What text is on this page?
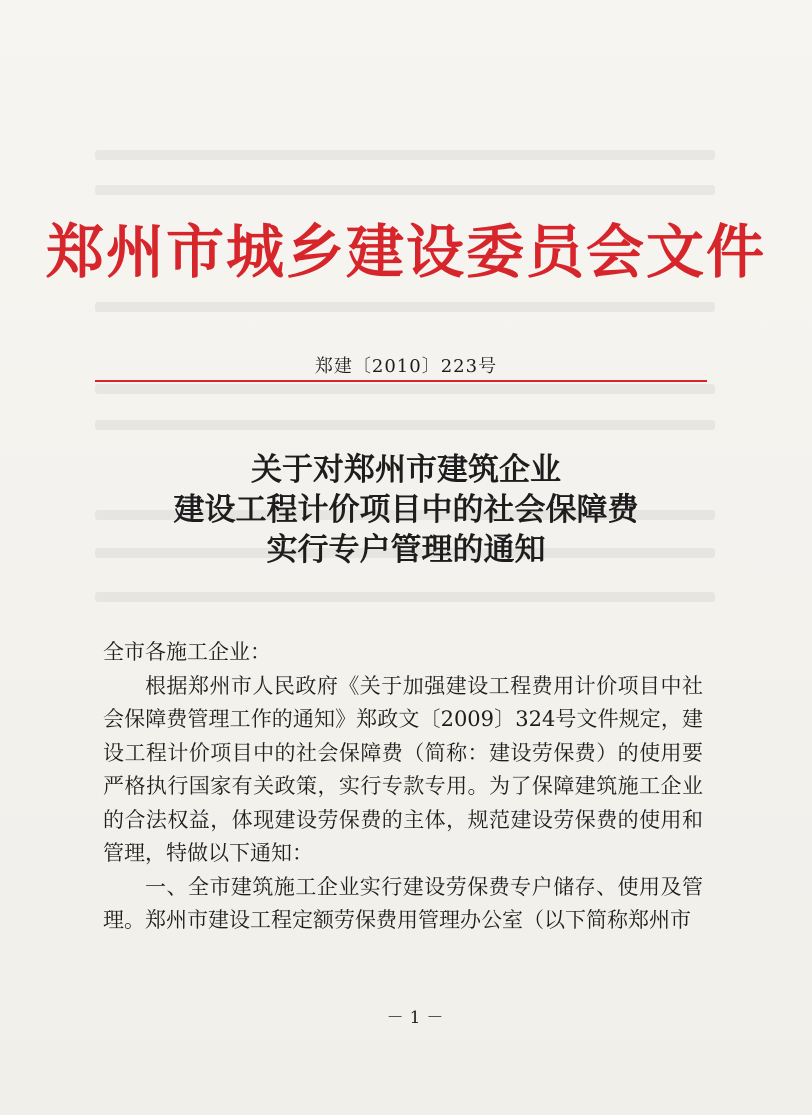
郑州市城乡建设委员会文件
郑建〔2010〕223号
关于对郑州市建筑企业
建设工程计价项目中的社会保障费
实行专户管理的通知

全市各施工企业：

根据郑州市人民政府《关于加强建设工程费用计价项目中社会保障费管理工作的通知》郑政文〔2009〕324号文件规定，建设工程计价项目中的社会保障费（简称：建设劳保费）的使用要严格执行国家有关政策，实行专款专用。为了保障建筑施工企业的合法权益，体现建设劳保费的主体，规范建设劳保费的使用和管理，特做以下通知：

一、全市建筑施工企业实行建设劳保费专户储存、使用及管理。郑州市建设工程定额劳保费用管理办公室（以下简称郑州市

－1－
